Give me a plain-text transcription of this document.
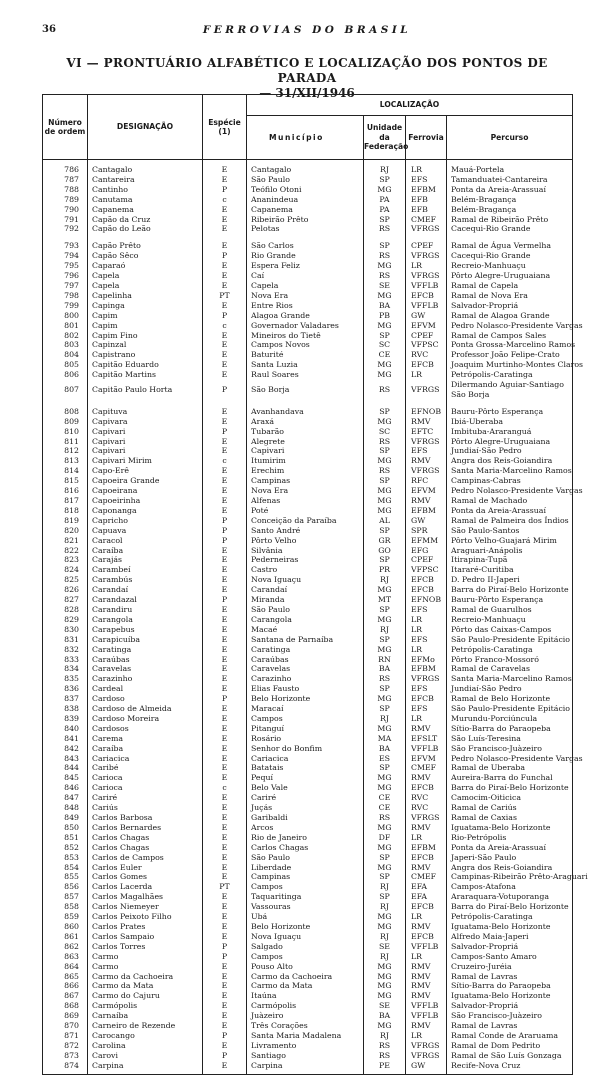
36	FERROVIAS DO BRASIL
VI — PRONTUÁRIO ALFABÉTICO E LOCALIZAÇÃO DOS PONTOS DE PARADA
— 31/XII/1946
Número de ordem	DESIGNAÇÃO	Espécie (1)	LOCALIZAÇÃO			
			Município	Unidade da Federação	Ferrovia	Percurso
786	Cantagalo	E	Cantagalo	RJ	LR	Mauá-Portela
787	Cantareira	E	São Paulo	SP	EFS	Tamanduatei-Cantareira
788	Cantinho	P	Teófilo Otoni	MG	EFBM	Ponta da Areia-Arassuaí
789	Canutama	c	Ananindeua	PA	EFB	Belém-Bragança
790	Capanema	E	Capanema	PA	EFB	Belém-Bragança
791	Capão da Cruz	E	Ribeirão Prêto	SP	CMEF	Ramal de Ribeirão Prêto
792	Capão do Leão	E	Pelotas	RS	VFRGS	Cacequi-Rio Grande

793	Capão Prêto	E	São Carlos	SP	CPEF	Ramal de Água Vermelha
794	Capão Sêco	P	Rio Grande	RS	VFRGS	Cacequi-Rio Grande
795	Caparaó	E	Espera Feliz	MG	LR	Recreio-Manhuaçu
796	Capela	E	Caí	RS	VFRGS	Pôrto Alegre-Uruguaiana
797	Capela	E	Capela	SE	VFFLB	Ramal de Capela
798	Capelinha	PT	Nova Era	MG	EFCB	Ramal de Nova Era
799	Capinga	E	Entre Rios	BA	VFFLB	Salvador-Propriá
800	Capim	P	Alagoa Grande	PB	GW	Ramal de Alagoa Grande
801	Capim	c	Governador Valadares	MG	EFVM	Pedro Nolasco-Presidente Vargas
802	Capim Fino	E	Mineiros do Tietê	SP	CPEF	Ramal de Campos Sales
803	Capinzal	E	Campos Novos	SC	VFPSC	Ponta Grossa-Marcelino Ramos
804	Capistrano	E	Baturité	CE	RVC	Professor João Felipe-Crato
805	Capitão Eduardo	E	Santa Luzia	MG	EFCB	Joaquim Murtinho-Montes Claros
806	Capitão Martins	E	Raul Soares	MG	LR	Petrópolis-Caratinga
807	Capitão Paulo Horta	P	São Borja	RS	VFRGS	Dilermando Aguiar-Santiago São Borja

808	Capituva	E	Avanhandava	SP	EFNOB	Bauru-Pôrto Esperança
809	Capivara	E	Araxá	MG	RMV	Ibiá-Uberaba
810	Capivari	P	Tubarão	SC	EFTC	Imbituba-Araranguá
811	Capivari	E	Alegrete	RS	VFRGS	Pôrto Alegre-Uruguaiana
812	Capivari	E	Capivari	SP	EFS	Jundiaí-São Pedro
813	Capivari Mirim	c	Itumirim	MG	RMV	Angra dos Reis-Goiandira
814	Capo-Erê	E	Erechim	RS	VFRGS	Santa Maria-Marcelino Ramos
815	Capoeira Grande	E	Campinas	SP	RFC	Campinas-Cabras
816	Capoeirana	E	Nova Era	MG	EFVM	Pedro Nolasco-Presidente Vargas
817	Capoeirinha	E	Alfenas	MG	RMV	Ramal de Machado
818	Caponanga	E	Poté	MG	EFBM	Ponta da Areia-Arassuaí
819	Capricho	P	Conceição da Paraíba	AL	GW	Ramal de Palmeira dos Índios
820	Capuava	P	Santo André	SP	SPR	São Paulo-Santos
821	Caracol	P	Pôrto Velho	GR	EFMM	Pôrto Velho-Guajará Mirim
822	Caraíba	E	Silvânia	GO	EFG	Araguari-Anápolis
823	Carajás	E	Pederneiras	SP	CPEF	Itirapina-Tupã
824	Carambeí	E	Castro	PR	VFPSC	Itararé-Curitiba
825	Carambús	E	Nova Iguaçu	RJ	EFCB	D. Pedro II-Japeri
826	Carandaí	E	Carandaí	MG	EFCB	Barra do Piraí-Belo Horizonte
827	Carandazal	P	Miranda	MT	EFNOB	Bauru-Pôrto Esperança
828	Carandiru	E	São Paulo	SP	EFS	Ramal de Guarulhos
829	Carangola	E	Carangola	MG	LR	Recreio-Manhuaçu
830	Carapebus	E	Macaé	RJ	LR	Pôrto das Caixas-Campos
831	Carapicuíba	E	Santana de Parnaíba	SP	EFS	São Paulo-Presidente Epitácio
832	Caratinga	E	Caratinga	MG	LR	Petrópolis-Caratinga
833	Caraúbas	E	Caraúbas	RN	EFMo	Pôrto Franco-Mossoró
834	Caravelas	E	Caravelas	BA	EFBM	Ramal de Caravelas
835	Carazinho	E	Carazinho	RS	VFRGS	Santa Maria-Marcelino Ramos
836	Cardeal	E	Elias Fausto	SP	EFS	Jundiaí-São Pedro
837	Cardoso	P	Belo Horizonte	MG	EFCB	Ramal de Belo Horizonte
838	Cardoso de Almeida	E	Maracaí	SP	EFS	São Paulo-Presidente Epitácio
839	Cardoso Moreira	E	Campos	RJ	LR	Murundu-Porciúncula
840	Cardosos	E	Pitanguí	MG	RMV	Sítio-Barra do Paraopeba
841	Carema	E	Rosário	MA	EFSLT	São Luís-Teresina
842	Caraíba	E	Senhor do Bonfim	BA	VFFLB	São Francisco-Juàzeiro
843	Cariacica	E	Cariacica	ES	EFVM	Pedro Nolasco-Presidente Vargas
844	Caribé	E	Batatais	SP	CMEF	Ramal de Uberaba
845	Carioca	E	Pequí	MG	RMV	Aureira-Barra do Funchal
846	Carioca	c	Belo Vale	MG	EFCB	Barra do Piraí-Belo Horizonte
847	Cariré	E	Cariré	CE	RVC	Camocim-Oiticica
848	Cariús	E	Juçás	CE	RVC	Ramal de Cariús
849	Carlos Barbosa	E	Garibaldi	RS	VFRGS	Ramal de Caxias
850	Carlos Bernardes	E	Arcos	MG	RMV	Iguatama-Belo Horizonte
851	Carlos Chagas	E	Rio de Janeiro	DF	LR	Rio-Petrópolis
852	Carlos Chagas	E	Carlos Chagas	MG	EFBM	Ponta da Areia-Arassuaí
853	Carlos de Campos	E	São Paulo	SP	EFCB	Japeri-São Paulo
854	Carlos Euler	E	Liberdade	MG	RMV	Angra dos Reis-Goiandira
855	Carlos Gomes	E	Campinas	SP	CMEF	Campinas-Ribeirão Prêto-Araguari
856	Carlos Lacerda	PT	Campos	RJ	EFA	Campos-Atafona
857	Carlos Magalhães	E	Taquaritinga	SP	EFA	Araraquara-Votuporanga
858	Carlos Niemeyer	E	Vassouras	RJ	EFCB	Barra do Piraí-Belo Horizonte
859	Carlos Peixoto Filho	E	Ubá	MG	LR	Petrópolis-Caratinga
860	Carlos Prates	E	Belo Horizonte	MG	RMV	Iguatama-Belo Horizonte
861	Carlos Sampaio	E	Nova Iguaçu	RJ	EFCB	Alfredo Maia-Japeri
862	Carlos Torres	P	Salgado	SE	VFFLB	Salvador-Propriá
863	Carmo	P	Campos	RJ	LR	Campos-Santo Amaro
864	Carmo	E	Pouso Alto	MG	RMV	Cruzeiro-Juréia
865	Carmo da Cachoeira	E	Carmo da Cachoeira	MG	RMV	Ramal de Lavras
866	Carmo da Mata	E	Carmo da Mata	MG	RMV	Sítio-Barra do Paraopeba
867	Carmo do Cajuru	E	Itaúna	MG	RMV	Iguatama-Belo Horizonte
868	Carmópolis	E	Carmópolis	SE	VFFLB	Salvador-Propriá
869	Carnaíba	E	Juàzeiro	BA	VFFLB	São Francisco-Juàzeiro
870	Carneiro de Rezende	E	Três Corações	MG	RMV	Ramal de Lavras
871	Carocango	P	Santa Maria Madalena	RJ	LR	Ramal Conde de Araruama
872	Carolina	E	Livramento	RS	VFRGS	Ramal de Dom Pedrito
873	Carovi	P	Santiago	RS	VFRGS	Ramal de São Luís Gonzaga
874	Carpina	E	Carpina	PE	GW	Recife-Nova Cruz
